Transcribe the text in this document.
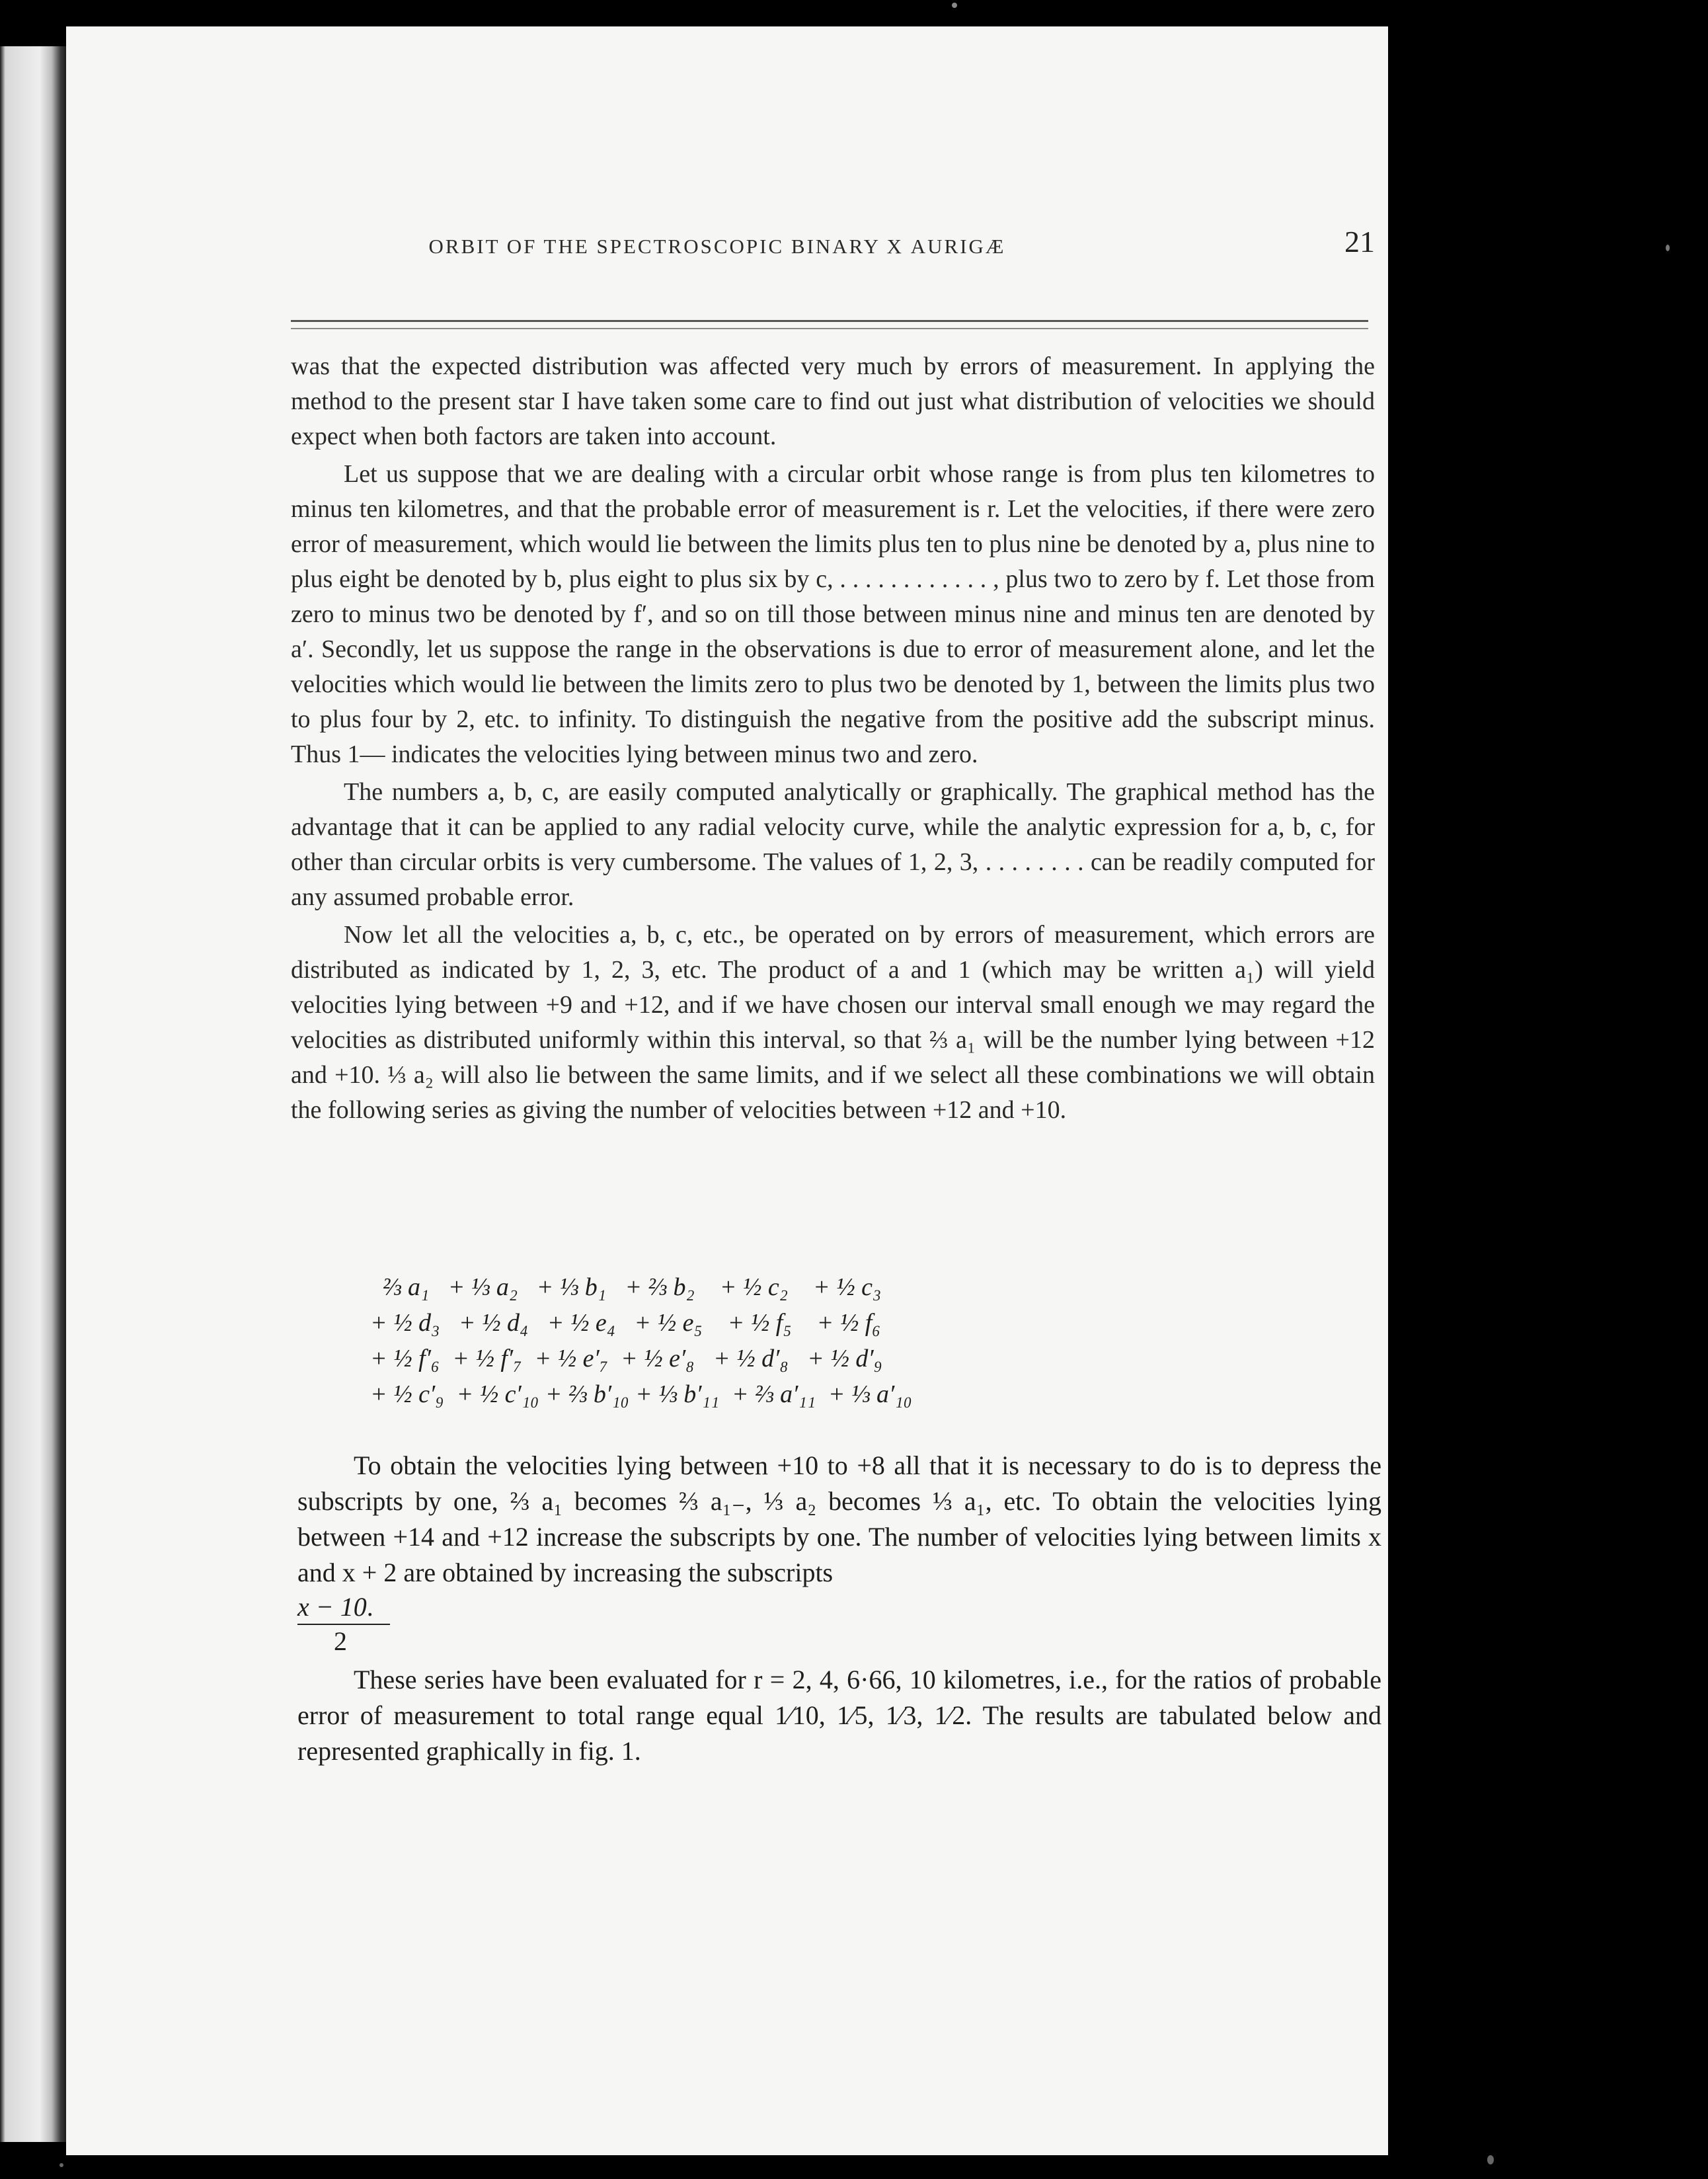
ORBIT OF THE SPECTROSCOPIC BINARY Χ AURIGÆ	21

was that the expected distribution was affected very much by errors of measurement. In applying the method to the present star I have taken some care to find out just what distribution of velocities we should expect when both factors are taken into account.

Let us suppose that we are dealing with a circular orbit whose range is from plus ten kilometres to minus ten kilometres, and that the probable error of measurement is r. Let the velocities, if there were zero error of measurement, which would lie between the limits plus ten to plus nine be denoted by a, plus nine to plus eight be denoted by b, plus eight to plus six by c, . . . . . . . . . . . . , plus two to zero by f. Let those from zero to minus two be denoted by f′, and so on till those between minus nine and minus ten are denoted by a′. Secondly, let us suppose the range in the observations is due to error of measurement alone, and let the velocities which would lie between the limits zero to plus two be denoted by 1, between the limits plus two to plus four by 2, etc. to infinity. To distinguish the negative from the positive add the subscript minus. Thus 1— indicates the velocities lying between minus two and zero.

The numbers a, b, c, are easily computed analytically or graphically. The graphical method has the advantage that it can be applied to any radial velocity curve, while the analytic expression for a, b, c, for other than circular orbits is very cumbersome. The values of 1, 2, 3, . . . . . . . . can be readily computed for any assumed probable error.

Now let all the velocities a, b, c, etc., be operated on by errors of measurement, which errors are distributed as indicated by 1, 2, 3, etc. The product of a and 1 (which may be written a₁) will yield velocities lying between +9 and +12, and if we have chosen our interval small enough we may regard the velocities as distributed uniformly within this interval, so that ⅔ a₁ will be the number lying between +12 and +10. ⅓ a₂ will also lie between the same limits, and if we select all these combinations we will obtain the following series as giving the number of velocities between +12 and +10.

⅔ a₁   + ⅓ a₂   + ⅓ b₁   + ⅔ b₂    + ½ c₂    + ½ c₃
+ ½ d₃   + ½ d₄   + ½ e₄   + ½ e₅    + ½ f₅    + ½ f₆
+ ½ f′₆  + ½ f′₇  + ½ e′₇  + ½ e′₈   + ½ d′₈   + ½ d′₉
+ ½ c′₉  + ½ c′₁₀ + ⅔ b′₁₀ + ⅓ b′₁₁  + ⅔ a′₁₁  + ⅓ a′₁₀

To obtain the velocities lying between +10 to +8 all that it is necessary to do is to depress the subscripts by one, ⅔ a₁ becomes ⅔ a₁₋, ⅓ a₂ becomes ⅓ a₁, etc. To obtain the velocities lying between +14 and +12 increase the subscripts by one. The number of velocities lying between limits x and x + 2 are obtained by increasing the subscripts

x − 10.
2

These series have been evaluated for r = 2, 4, 6·66, 10 kilometres, i.e., for the ratios of probable error of measurement to total range equal 1⁄10, 1⁄5, 1⁄3, 1⁄2. The results are tabulated below and represented graphically in fig. 1.
